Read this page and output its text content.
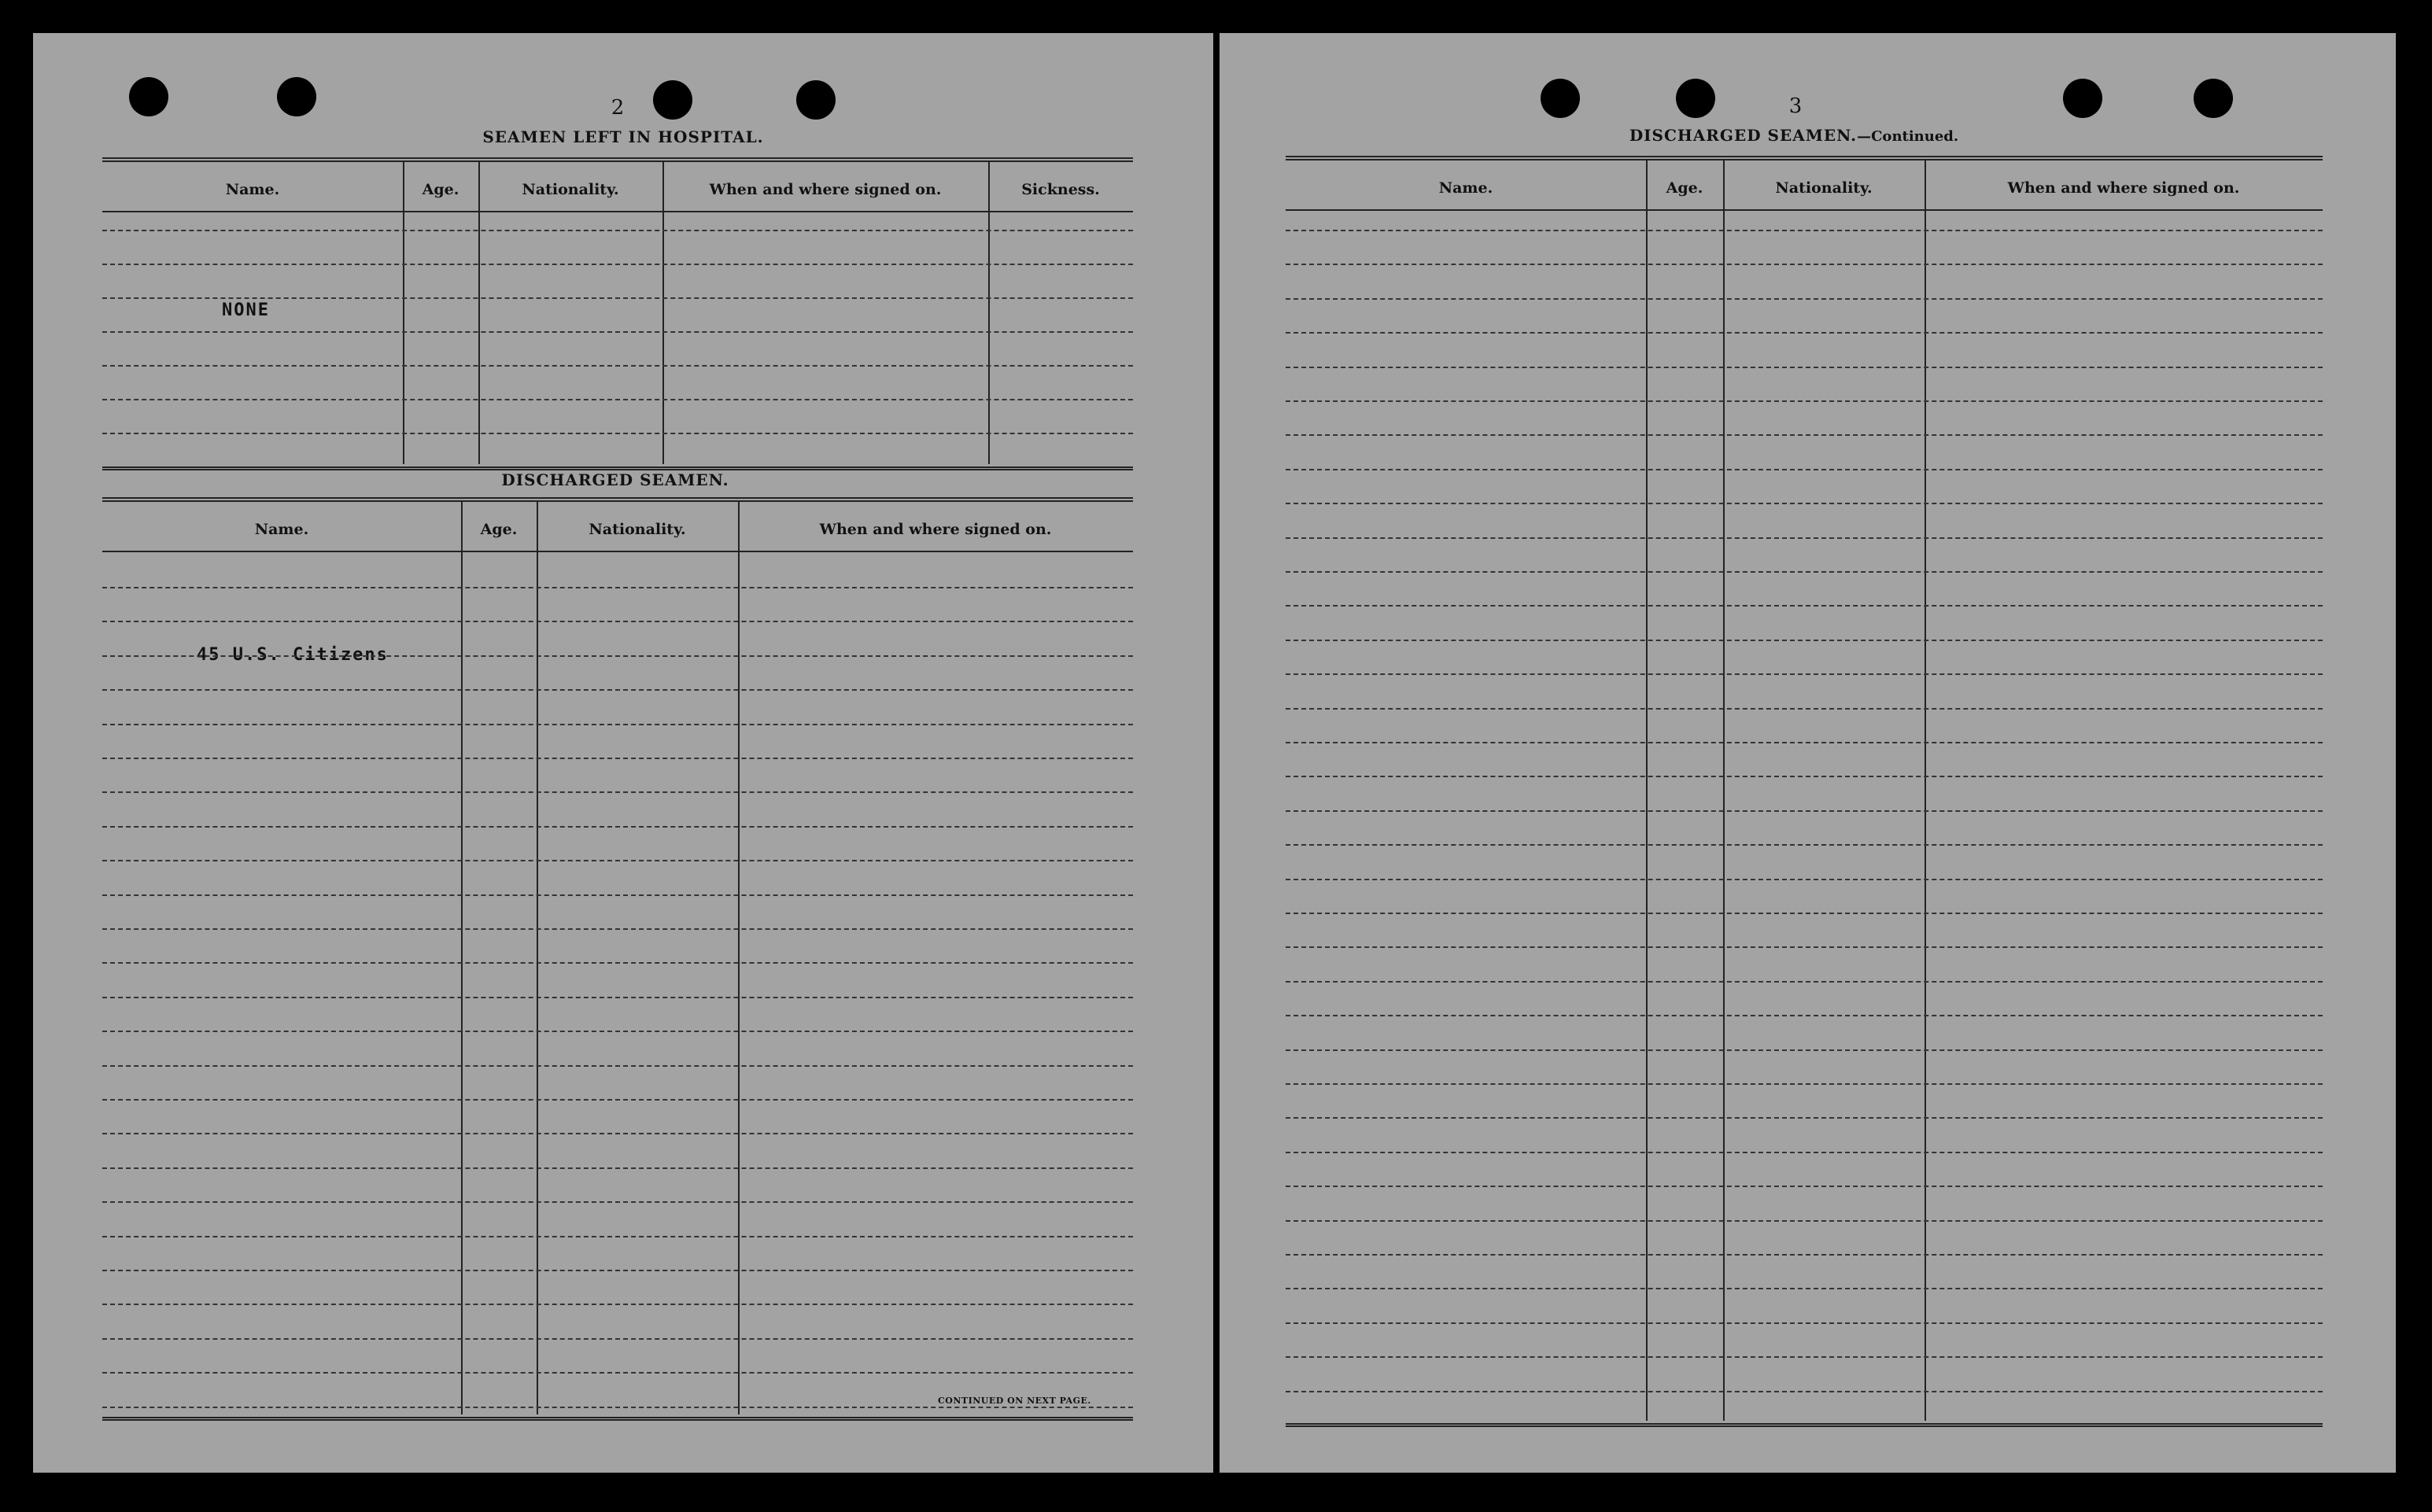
2
SEAMEN LEFT IN HOSPITAL.
Name.	Age.	Nationality.	When and where signed on.	Sickness.
NONE
DISCHARGED SEAMEN.
Name.	Age.	Nationality.	When and where signed on.
45 U.S. Citizens
CONTINUED ON NEXT PAGE.
3
DISCHARGED SEAMEN.—Continued.
Name.	Age.	Nationality.	When and where signed on.
